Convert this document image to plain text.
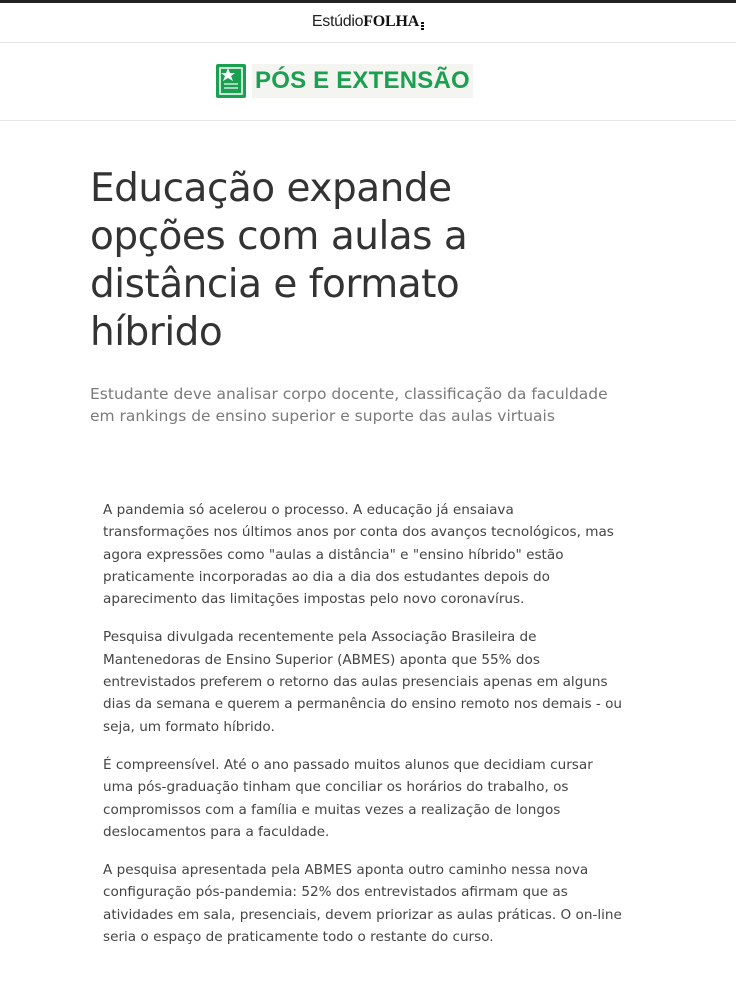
Estúdio FOLHA
PÓS E EXTENSÃO
Educação expande opções com aulas a distância e formato híbrido

Estudante deve analisar corpo docente, classificação da faculdade em rankings de ensino superior e suporte das aulas virtuais

A pandemia só acelerou o processo. A educação já ensaiava transformações nos últimos anos por conta dos avanços tecnológicos, mas agora expressões como "aulas a distância" e "ensino híbrido" estão praticamente incorporadas ao dia a dia dos estudantes depois do aparecimento das limitações impostas pelo novo coronavírus.

Pesquisa divulgada recentemente pela Associação Brasileira de Mantenedoras de Ensino Superior (ABMES) aponta que 55% dos entrevistados preferem o retorno das aulas presenciais apenas em alguns dias da semana e querem a permanência do ensino remoto nos demais - ou seja, um formato híbrido.

É compreensível. Até o ano passado muitos alunos que decidiam cursar uma pós-graduação tinham que conciliar os horários do trabalho, os compromissos com a família e muitas vezes a realização de longos deslocamentos para a faculdade.

A pesquisa apresentada pela ABMES aponta outro caminho nessa nova configuração pós-pandemia: 52% dos entrevistados afirmam que as atividades em sala, presenciais, devem priorizar as aulas práticas. O on-line seria o espaço de praticamente todo o restante do curso.
